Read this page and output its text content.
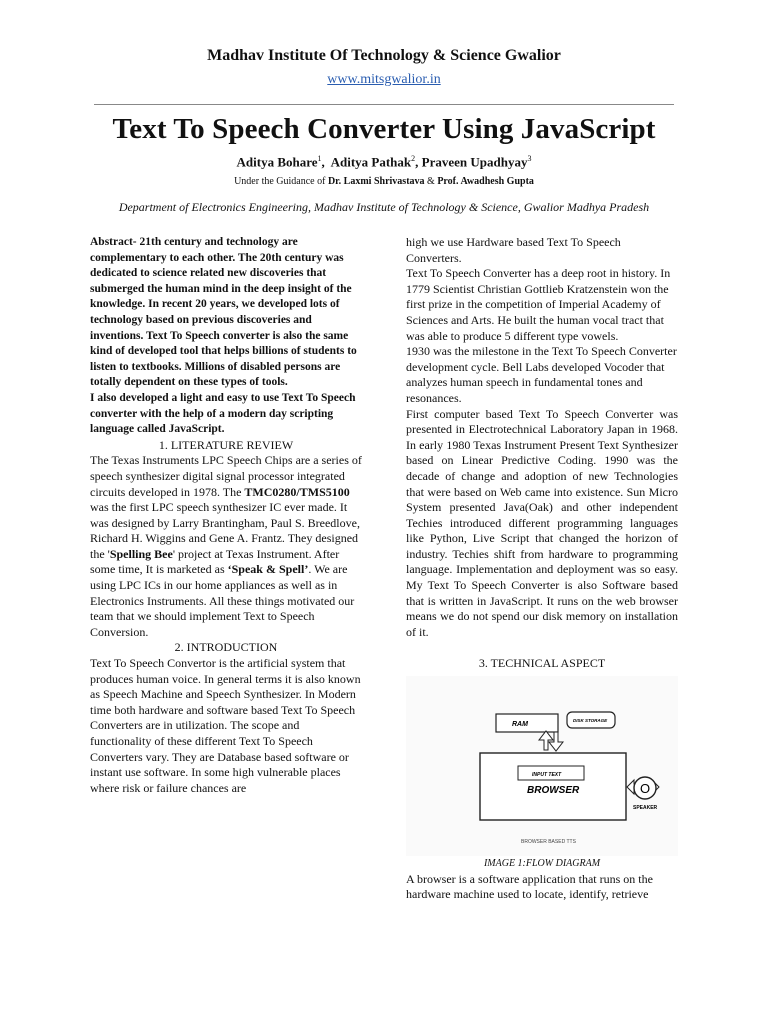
Madhav Institute Of Technology & Science Gwalior
www.mitsgwalior.in
Text To Speech Converter Using JavaScript
Aditya Bohare$^1$,  Aditya Pathak$^2$, Praveen Upadhyay$^3$
Under the Guidance of Dr. Laxmi Shrivastava & Prof. Awadhesh Gupta
Department of Electronics Engineering, Madhav Institute of Technology & Science, Gwalior Madhya Pradesh

Abstract- 21th century and technology are complementary to each other. The 20th century was dedicated to science related new discoveries that submerged the human mind in the deep insight of the knowledge. In recent 20 years, we developed lots of technology based on previous discoveries and inventions. Text To Speech converter is also the same kind of developed tool that helps billions of students to listen to textbooks. Millions of disabled persons are totally dependent on these types of tools.

I also developed a light and easy to use Text To Speech converter with the help of a modern day scripting language called JavaScript.

1. LITERATURE REVIEW

The Texas Instruments LPC Speech Chips are a series of speech synthesizer digital signal processor integrated circuits developed in 1978. The TMC0280/TMS5100 was the first LPC speech synthesizer IC ever made. It was designed by Larry Brantingham, Paul S. Breedlove, Richard H. Wiggins and Gene A. Frantz. They designed the 'Spelling Bee' project at Texas Instrument. After some time, It is marketed as ‘Speak & Spell’. We are using LPC ICs in our home appliances as well as in Electronics Instruments. All these things motivated our team that we should implement Text to Speech Conversion.

2. INTRODUCTION

Text To Speech Convertor is the artificial system that produces human voice. In general terms it is also known as Speech Machine and Speech Synthesizer. In Modern time both hardware and software based Text To Speech Converters are in utilization. The scope and functionality of these different Text To Speech Converters vary. They are Database based software or instant use software. In some high vulnerable places where risk or failure chances are

high we use Hardware based Text To Speech Converters.

Text To Speech Converter has a deep root in history. In 1779 Scientist Christian Gottlieb Kratzenstein won the first prize in the competition of Imperial Academy of Sciences and Arts. He built the human vocal tract that was able to produce 5 different type vowels.

1930 was the milestone in the Text To Speech Converter development cycle. Bell Labs developed Vocoder that analyzes human speech in fundamental tones and resonances.

First computer based Text To Speech Converter was presented in Electrotechnical Laboratory Japan in 1968. In early 1980 Texas Instrument Present Text Synthesizer based on Linear Predictive Coding. 1990 was the decade of change and adoption of new Technologies that were based on Web came into existence. Sun Micro System presented Java(Oak) and other independent Techies introduced different programming languages like Python, Live Script that changed the horizon of industry. Techies shift from hardware to programming language. Implementation and deployment was so easy. My Text To Speech Converter is also Software based that is written in JavaScript. It runs on the web browser means we do not spend our disk memory on installation of it.

3. TECHNICAL ASPECT

RAM
DISK STORAGE
INPUT TEXT
BROWSER	O
SPEAKER
BROWSER BASED TTS

IMAGE 1:FLOW DIAGRAM

A browser is a software application that runs on the hardware machine used to locate, identify, retrieve
